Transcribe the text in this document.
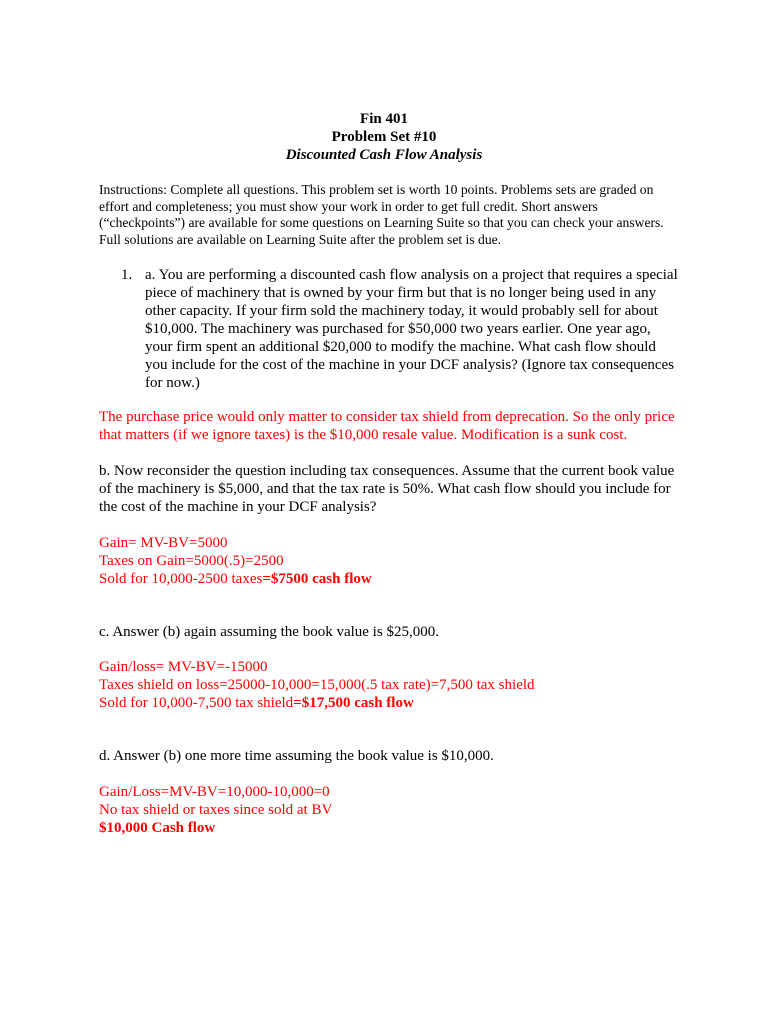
Fin 401
Problem Set #10
Discounted Cash Flow Analysis
Instructions: Complete all questions. This problem set is worth 10 points. Problems sets are graded on effort and completeness; you must show your work in order to get full credit. Short answers (“checkpoints”) are available for some questions on Learning Suite so that you can check your answers. Full solutions are available on Learning Suite after the problem set is due.
1. a. You are performing a discounted cash flow analysis on a project that requires a special piece of machinery that is owned by your firm but that is no longer being used in any other capacity. If your firm sold the machinery today, it would probably sell for about $10,000. The machinery was purchased for $50,000 two years earlier. One year ago, your firm spent an additional $20,000 to modify the machine. What cash flow should you include for the cost of the machine in your DCF analysis? (Ignore tax consequences for now.)
The purchase price would only matter to consider tax shield from deprecation. So the only price that matters (if we ignore taxes) is the $10,000 resale value. Modification is a sunk cost.
b. Now reconsider the question including tax consequences. Assume that the current book value of the machinery is $5,000, and that the tax rate is 50%. What cash flow should you include for the cost of the machine in your DCF analysis?
Gain= MV-BV=5000
Taxes on Gain=5000(.5)=2500
Sold for 10,000-2500 taxes=$7500 cash flow
c. Answer (b) again assuming the book value is $25,000.
Gain/loss= MV-BV=-15000
Taxes shield on loss=25000-10,000=15,000(.5 tax rate)=7,500 tax shield
Sold for 10,000-7,500 tax shield=$17,500 cash flow
d. Answer (b) one more time assuming the book value is $10,000.
Gain/Loss=MV-BV=10,000-10,000=0
No tax shield or taxes since sold at BV
$10,000 Cash flow
